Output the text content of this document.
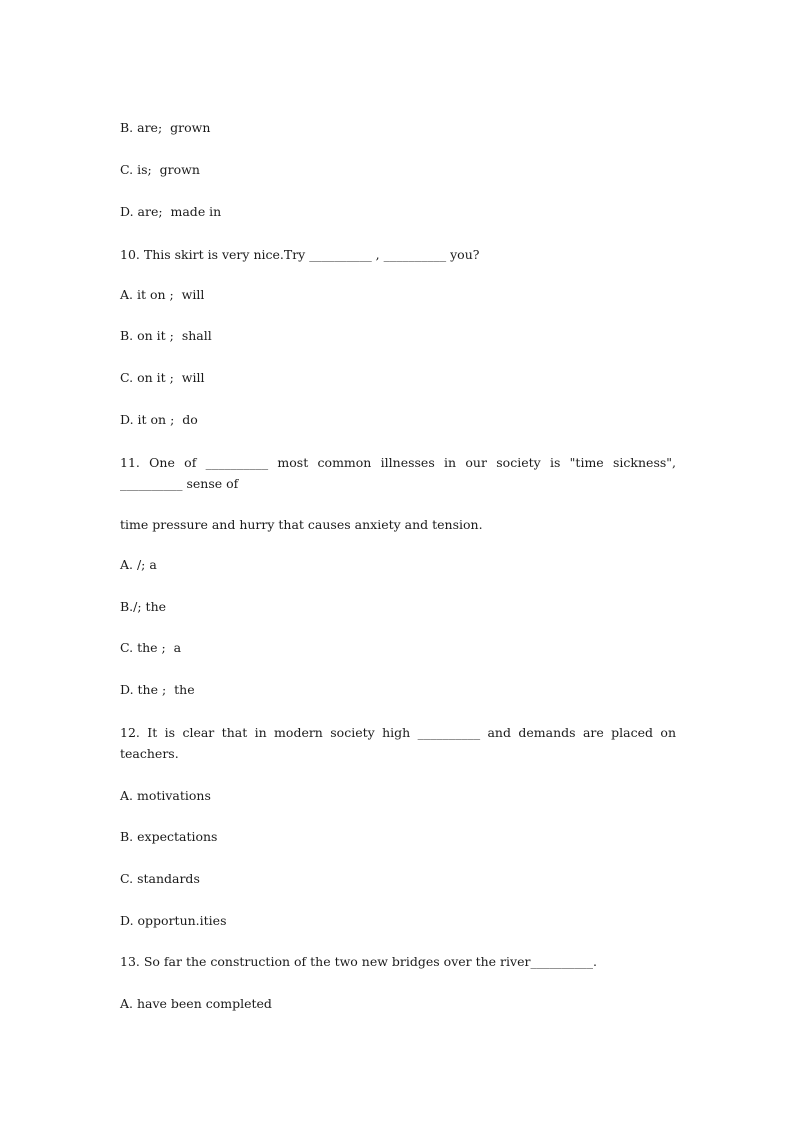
B. are;  grown
C. is;  grown
D. are;  made in
10. This skirt is very nice.Try __________ , __________ you?
A. it on ;  will
B. on it ;  shall
C. on it ;  will
D. it on ;  do
11. One of __________ most common illnesses in our society is "time sickness", __________ sense of
time pressure and hurry that causes anxiety and tension.
A. /; a
B./; the
C. the ;  a
D. the ;  the
12. It is clear that in modern society high __________ and demands are placed on teachers.
A. motivations
B. expectations
C. standards
D. opportun.ities
13. So far the construction of the two new bridges over the river__________.
A. have been completed
